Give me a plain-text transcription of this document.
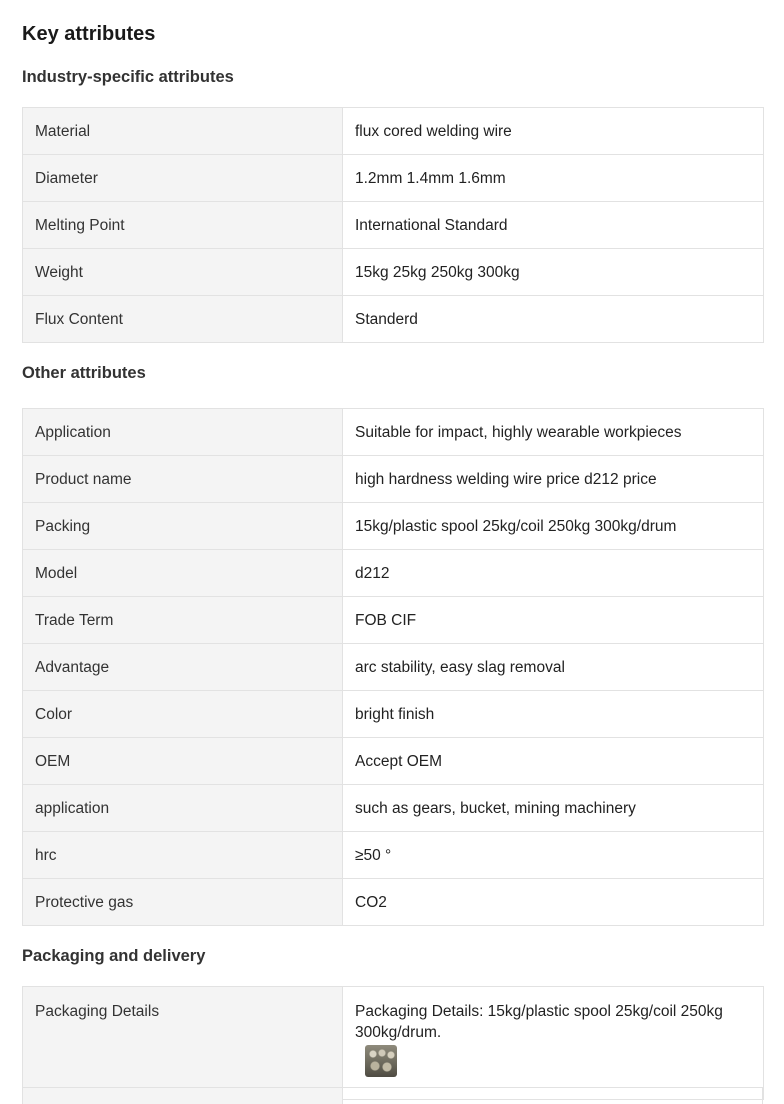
Key attributes
Industry-specific attributes
Material	flux cored welding wire
Diameter	1.2mm 1.4mm 1.6mm
Melting Point	International Standard
Weight	15kg 25kg 250kg 300kg
Flux Content	Standerd
Other attributes
Application	Suitable for impact, highly wearable workpieces
Product name	high hardness welding wire price d212 price
Packing	15kg/plastic spool 25kg/coil 250kg 300kg/drum
Model	d212
Trade Term	FOB CIF
Advantage	arc stability, easy slag removal
Color	bright finish
OEM	Accept OEM
application	such as gears, bucket, mining machinery
hrc	≥50 °
Protective gas	CO2
Packaging and delivery
Packaging Details	Packaging Details: 15kg/plastic spool 25kg/coil 250kg 300kg/drum.
